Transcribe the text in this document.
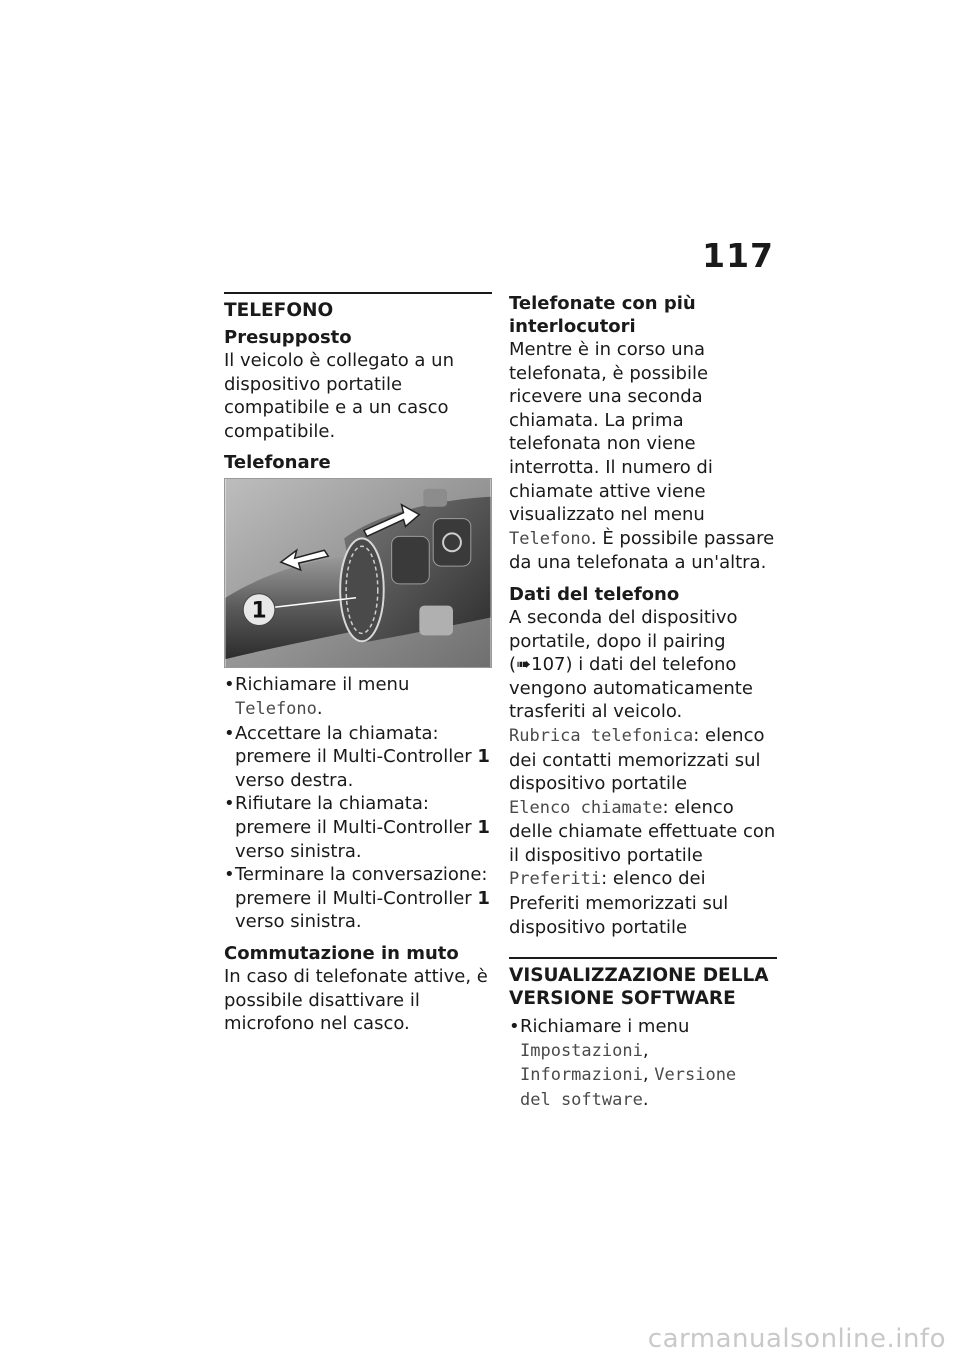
117
TELEFONO
Presupposto
Il veicolo è collegato a un dispositivo portatile compatibile e a un casco compatibile.
Telefonare
1
• Richiamare il menu Telefono.
• Accettare la chiamata: premere il Multi-Controller 1 verso destra.
• Rifiutare la chiamata: premere il Multi-Controller 1 verso sinistra.
• Terminare la conversazione: premere il Multi-Controller 1 verso sinistra.
Commutazione in muto
In caso di telefonate attive, è possibile disattivare il microfono nel casco.
Telefonate con più interlocutori
Mentre è in corso una telefonata, è possibile ricevere una seconda chiamata. La prima telefonata non viene interrotta. Il numero di chiamate attive viene visualizzato nel menu Telefono. È possibile passare da una telefonata a un'altra.
Dati del telefono
A seconda del dispositivo portatile, dopo il pairing (➠107) i dati del telefono vengono automaticamente trasferiti al veicolo.
Rubrica telefonica: elenco dei contatti memorizzati sul dispositivo portatile
Elenco chiamate: elenco delle chiamate effettuate con il dispositivo portatile
Preferiti: elenco dei Preferiti memorizzati sul dispositivo portatile
VISUALIZZAZIONE DELLA VERSIONE SOFTWARE
• Richiamare i menu Impostazioni, Informazioni, Versione del software.
carmanualsonline.info
